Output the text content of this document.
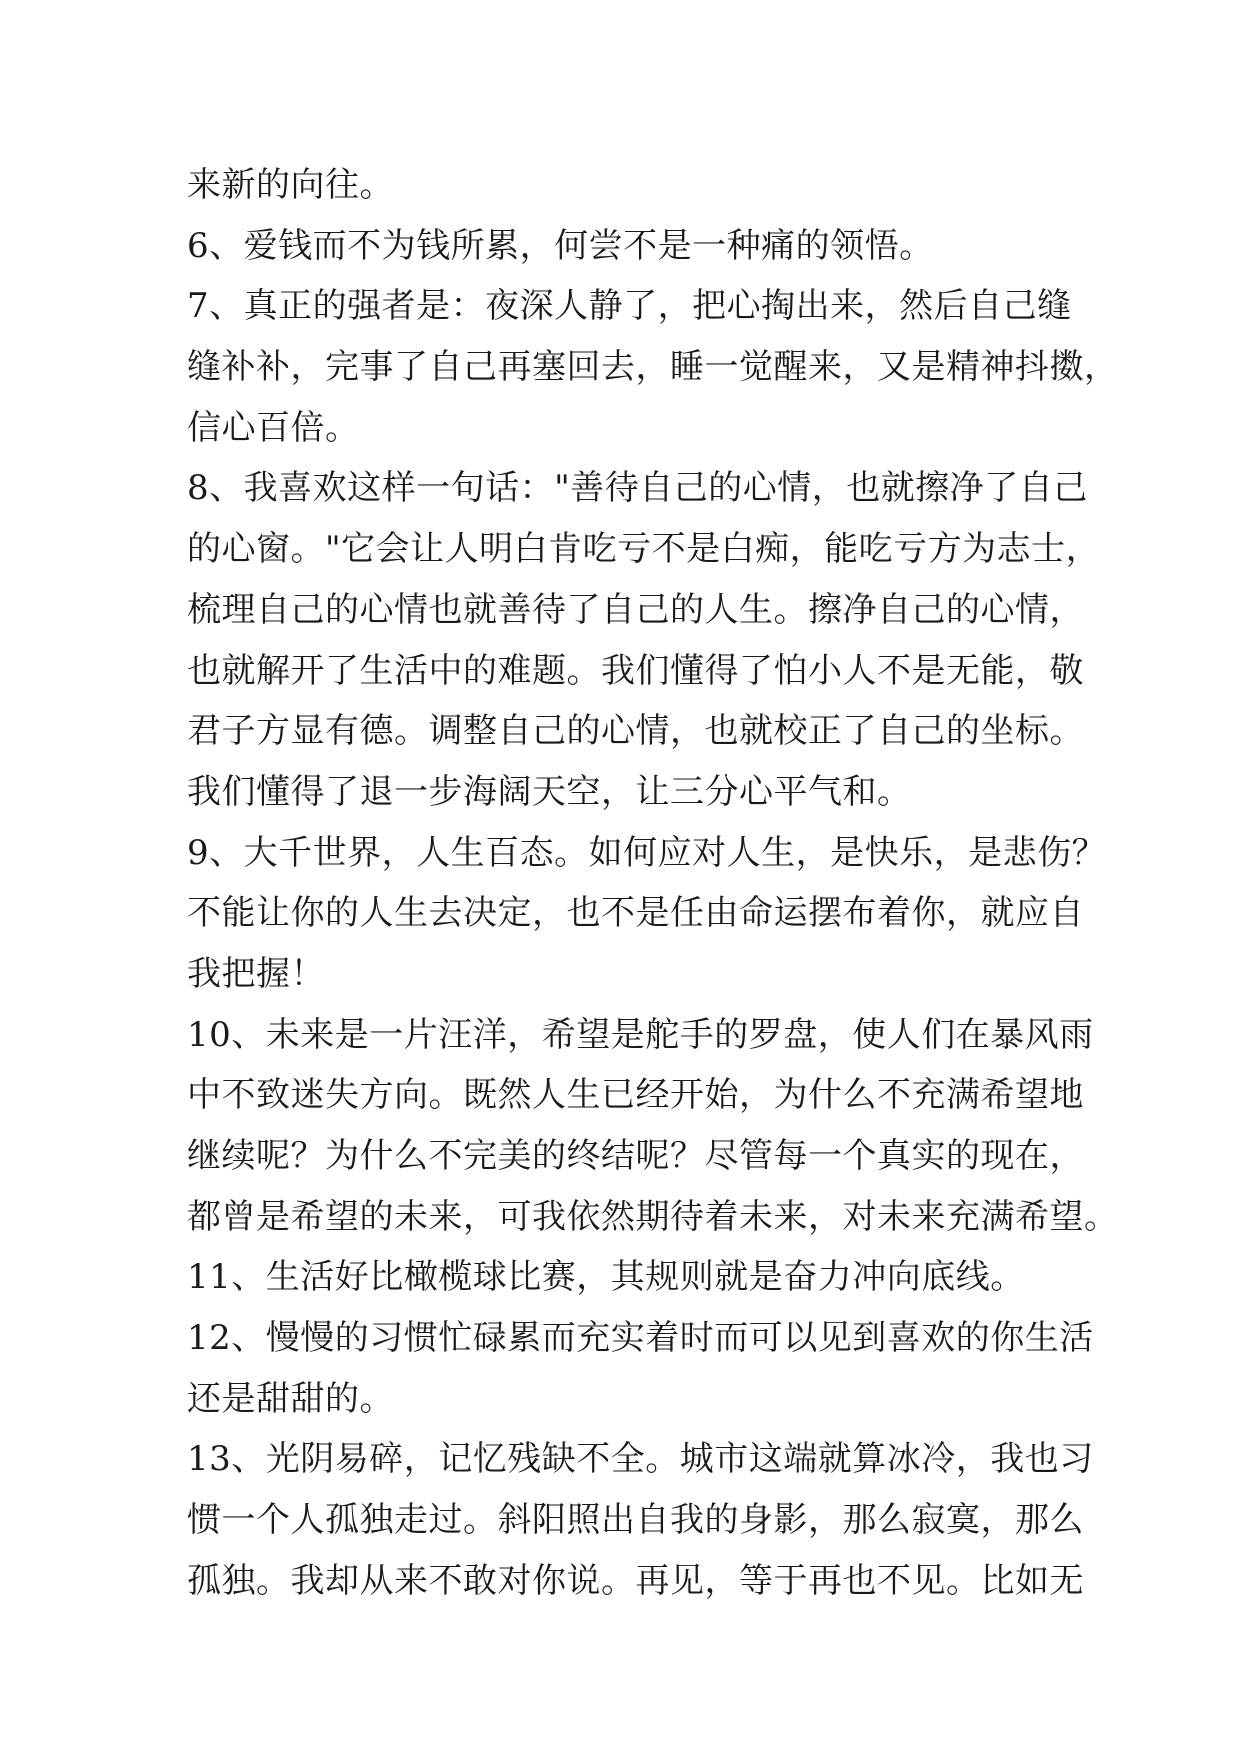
来新的向往。
6、爱钱而不为钱所累，何尝不是一种痛的领悟。
7、真正的强者是：夜深人静了，把心掏出来，然后自己缝
缝补补，完事了自己再塞回去，睡一觉醒来，又是精神抖擞，
信心百倍。
8、我喜欢这样一句话："善待自己的心情，也就擦净了自己
的心窗。"它会让人明白肯吃亏不是白痴，能吃亏方为志士，
梳理自己的心情也就善待了自己的人生。擦净自己的心情，
也就解开了生活中的难题。我们懂得了怕小人不是无能，敬
君子方显有德。调整自己的心情，也就校正了自己的坐标。
我们懂得了退一步海阔天空，让三分心平气和。
9、大千世界，人生百态。如何应对人生，是快乐，是悲伤？
不能让你的人生去决定，也不是任由命运摆布着你，就应自
我把握！
10、未来是一片汪洋，希望是舵手的罗盘，使人们在暴风雨
中不致迷失方向。既然人生已经开始，为什么不充满希望地
继续呢？为什么不完美的终结呢？尽管每一个真实的现在，
都曾是希望的未来，可我依然期待着未来，对未来充满希望。
11、生活好比橄榄球比赛，其规则就是奋力冲向底线。
12、慢慢的习惯忙碌累而充实着时而可以见到喜欢的你生活
还是甜甜的。
13、光阴易碎，记忆残缺不全。城市这端就算冰冷，我也习
惯一个人孤独走过。斜阳照出自我的身影，那么寂寞，那么
孤独。我却从来不敢对你说。再见，等于再也不见。比如无
